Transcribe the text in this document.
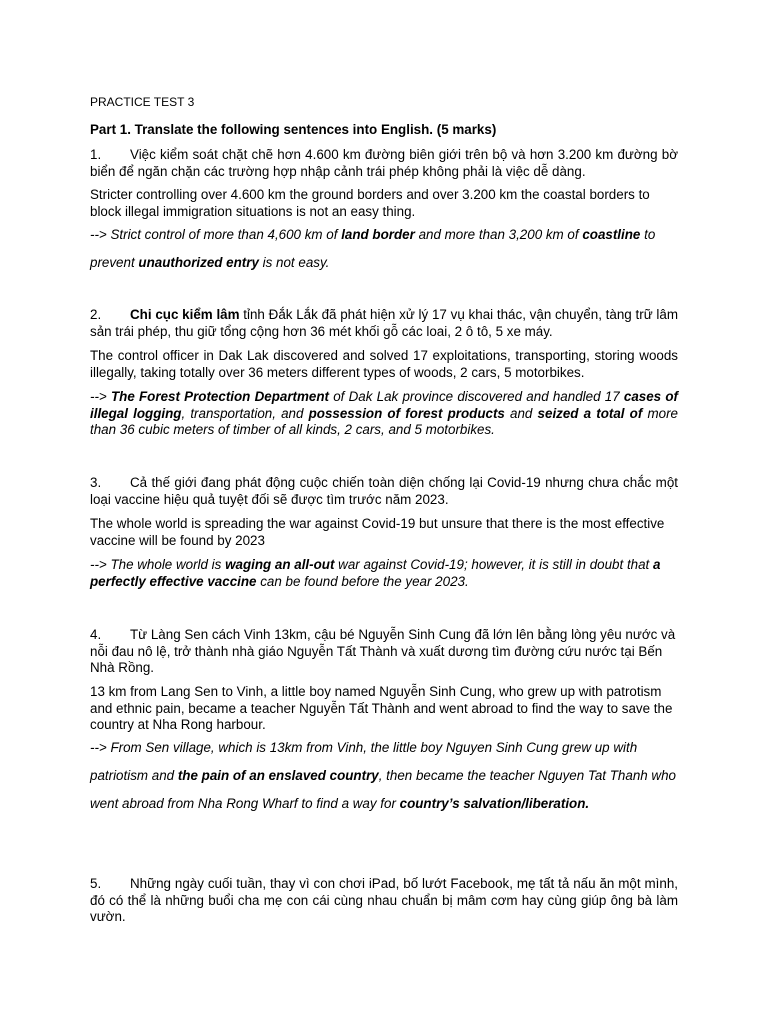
PRACTICE TEST 3

Part 1. Translate the following sentences into English. (5 marks)

1. Việc kiểm soát chặt chẽ hơn 4.600 km đường biên giới trên bộ và hơn 3.200 km đường bờ biển để ngăn chặn các trường hợp nhập cảnh trái phép không phải là việc dễ dàng.

Stricter controlling over 4.600 km the ground borders and over 3.200 km the coastal borders to block illegal immigration situations is not an easy thing.

--> Strict control of more than 4,600 km of land border and more than 3,200 km of coastline to prevent unauthorized entry is not easy.

2. Chi cục kiểm lâm tỉnh Đắk Lắk đã phát hiện xử lý 17 vụ khai thác, vận chuyển, tàng trữ lâm sản trái phép, thu giữ tổng cộng hơn 36 mét khối gỗ các loai, 2 ô tô, 5 xe máy.

The control officer in Dak Lak discovered and solved 17 exploitations, transporting, storing woods illegally, taking totally over 36 meters different types of woods, 2 cars, 5 motorbikes.

--> The Forest Protection Department of Dak Lak province discovered and handled 17 cases of illegal logging, transportation, and possession of forest products and seized a total of more than 36 cubic meters of timber of all kinds, 2 cars, and 5 motorbikes.

3. Cả thế giới đang phát động cuộc chiến toàn diện chống lại Covid-19 nhưng chưa chắc một loại vaccine hiệu quả tuyệt đối sẽ được tìm trước năm 2023.

The whole world is spreading the war against Covid-19 but unsure that there is the most effective vaccine will be found by 2023

--> The whole world is waging an all-out war against Covid-19; however, it is still in doubt that a perfectly effective vaccine can be found before the year 2023.

4. Từ Làng Sen cách Vinh 13km, cậu bé Nguyễn Sinh Cung đã lớn lên bằng lòng yêu nước và nỗi đau nô lệ, trở thành nhà giáo Nguyễn Tất Thành và xuất dương tìm đường cứu nước tại Bến Nhà Rồng.

13 km from Lang Sen to Vinh, a little boy named Nguyễn Sinh Cung, who grew up with patrotism and ethnic pain, became a teacher Nguyễn Tất Thành and went abroad to find the way to save the country at Nha Rong harbour.

--> From Sen village, which is 13km from Vinh, the little boy Nguyen Sinh Cung grew up with patriotism and the pain of an enslaved country, then became the teacher Nguyen Tat Thanh who went abroad from Nha Rong Wharf to find a way for country’s salvation/liberation.

5. Những ngày cuối tuần, thay vì con chơi iPad, bố lướt Facebook, mẹ tất tả nấu ăn một mình, đó có thể là những buổi cha mẹ con cái cùng nhau chuẩn bị mâm cơm hay cùng giúp ông bà làm vườn.
